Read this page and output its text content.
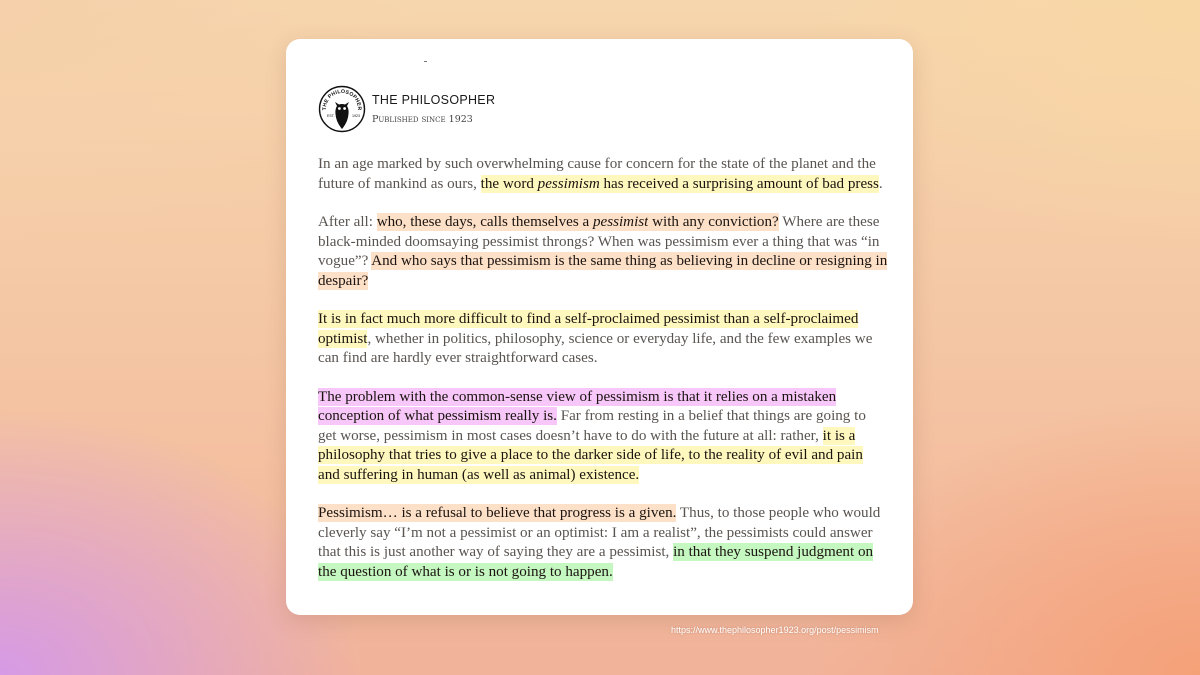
THE PHILOSOPHER
EST.	1923
THE PHILOSOPHER
Published since 1923

In an age marked by such overwhelming cause for concern for the state of the planet and the future of mankind as ours, the word pessimism has received a surprising amount of bad press.

After all: who, these days, calls themselves a pessimist with any conviction? Where are these black-minded doomsaying pessimist throngs? When was pessimism ever a thing that was “in vogue”? And who says that pessimism is the same thing as believing in decline or resigning in despair?

It is in fact much more difficult to find a self-proclaimed pessimist than a self-proclaimed optimist, whether in politics, philosophy, science or everyday life, and the few examples we can find are hardly ever straightforward cases.

The problem with the common-sense view of pessimism is that it relies on a mistaken conception of what pessimism really is. Far from resting in a belief that things are going to get worse, pessimism in most cases doesn’t have to do with the future at all: rather, it is a philosophy that tries to give a place to the darker side of life, to the reality of evil and pain and suffering in human (as well as animal) existence.

Pessimism… is a refusal to believe that progress is a given. Thus, to those people who would cleverly say “I’m not a pessimist or an optimist: I am a realist”, the pessimists could answer that this is just another way of saying they are a pessimist, in that they suspend judgment on the question of what is or is not going to happen.

https://www.thephilosopher1923.org/post/pessimism
